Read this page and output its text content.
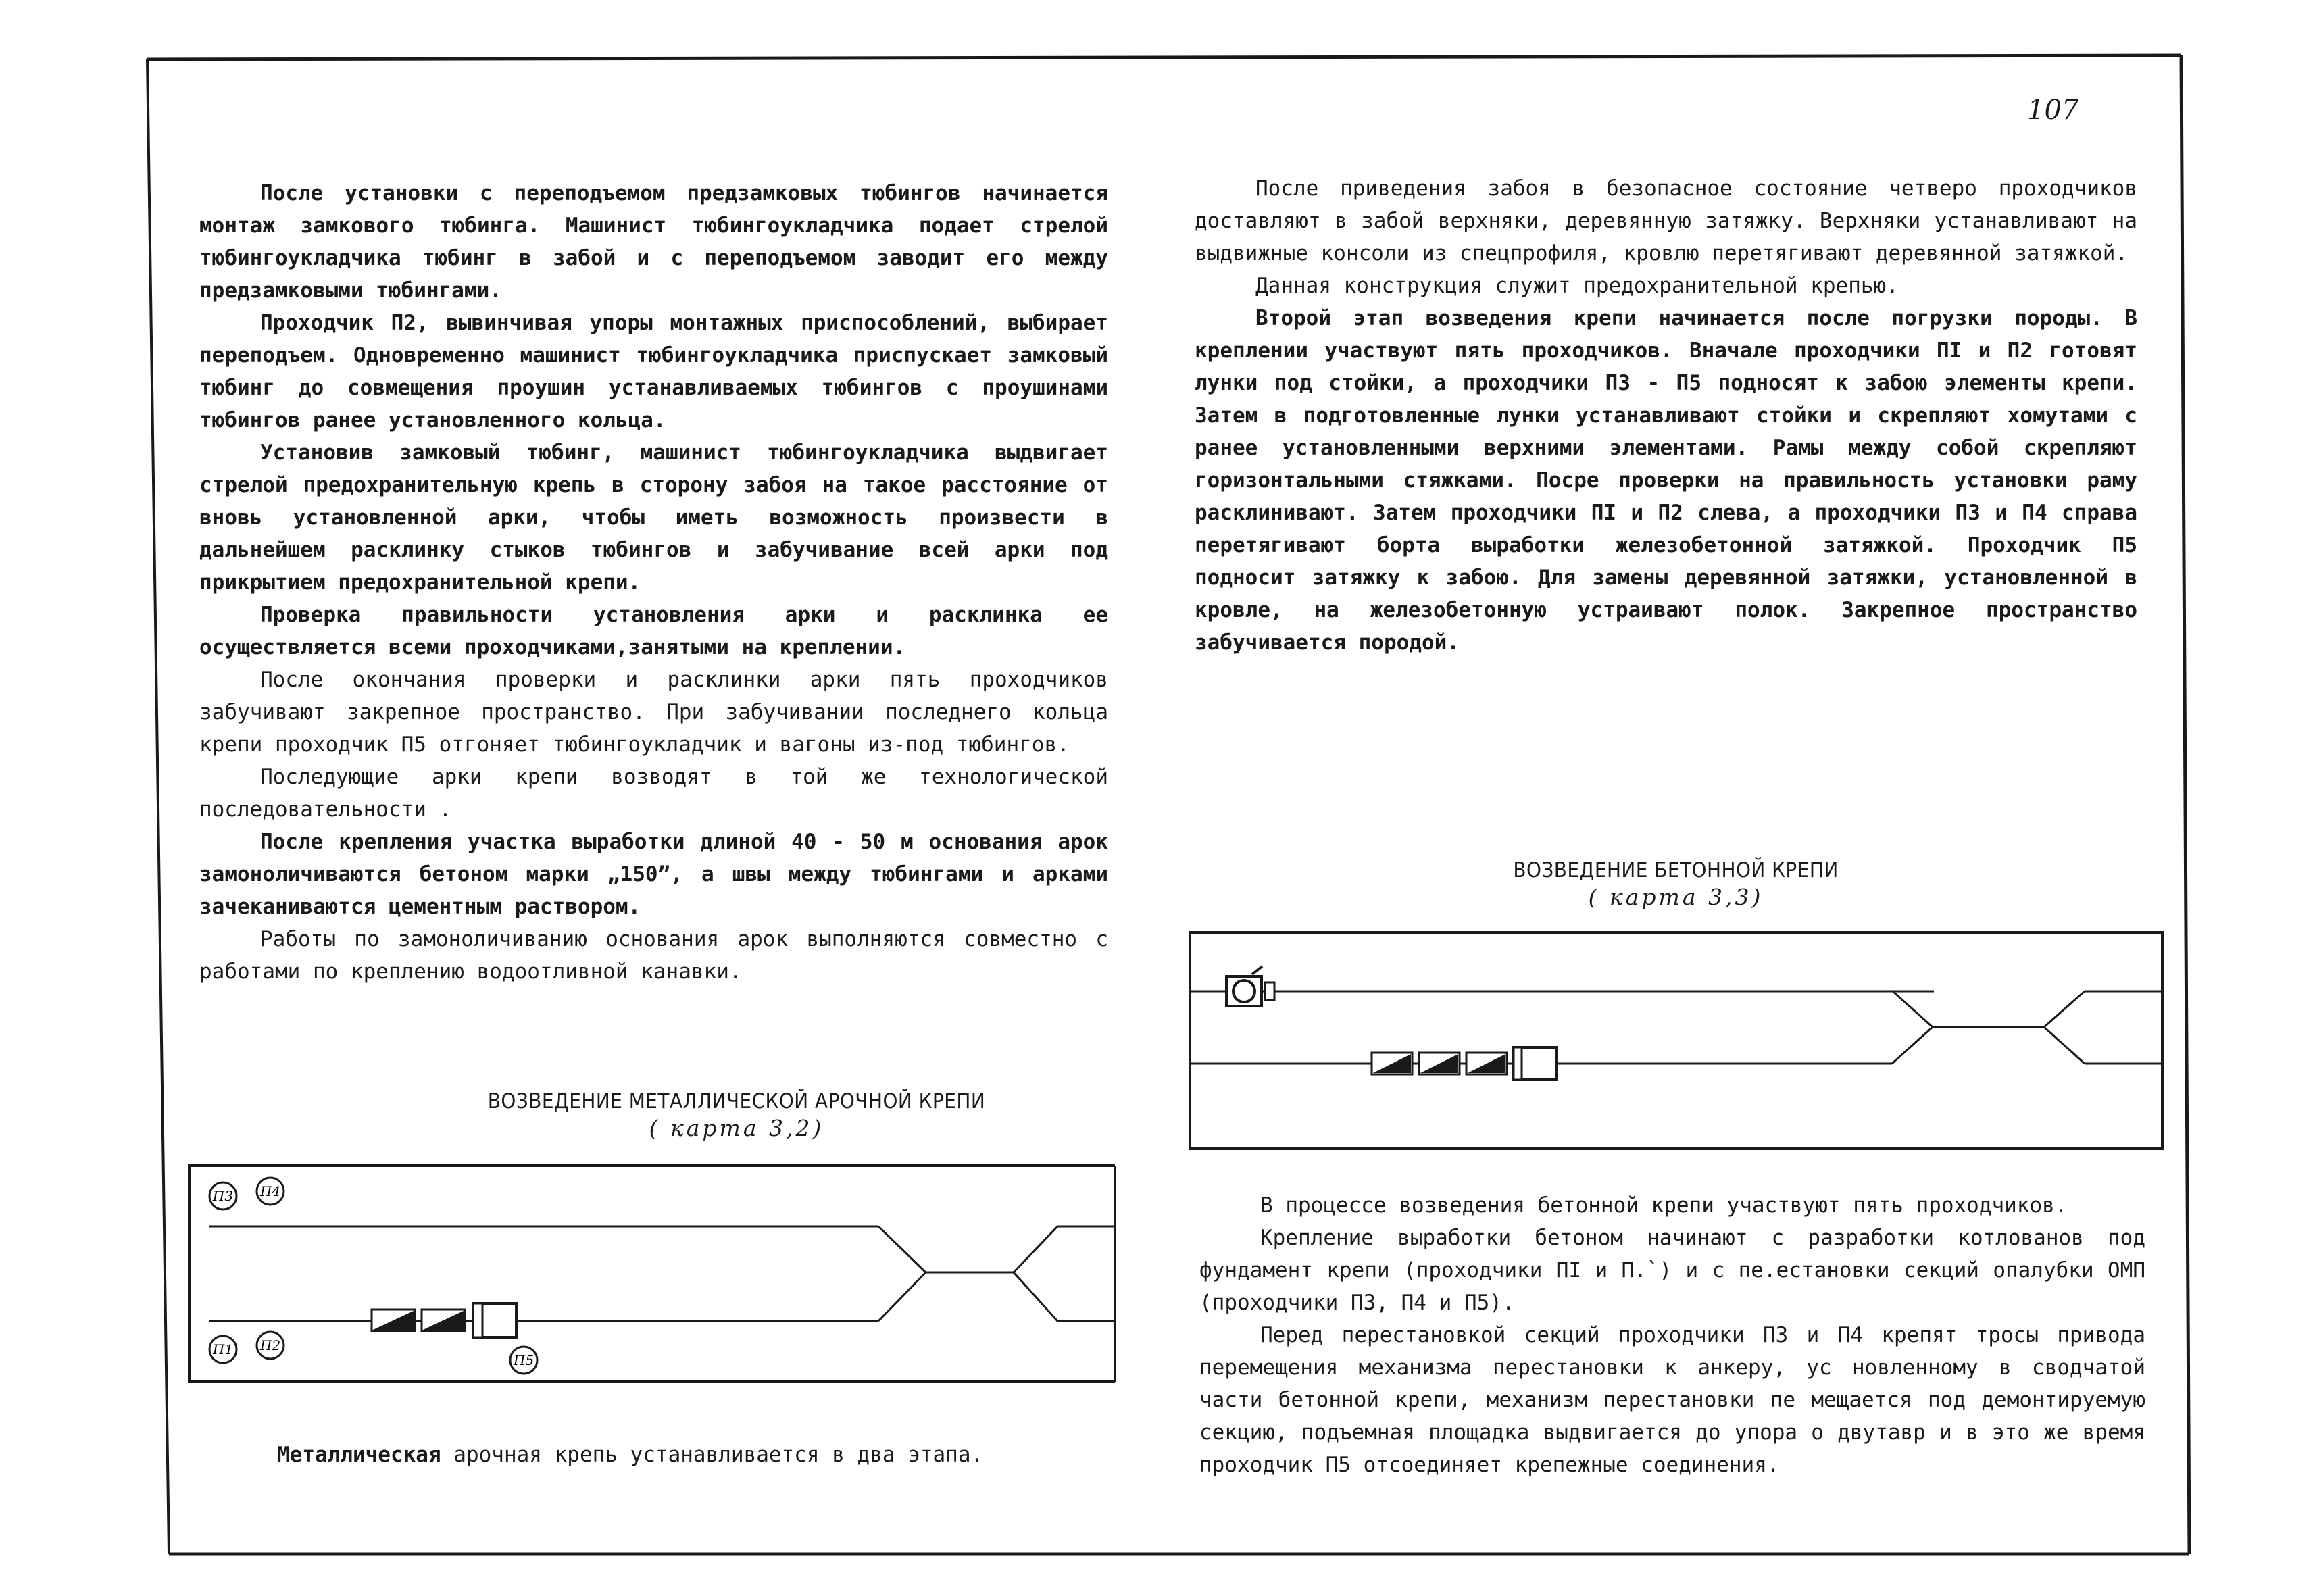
107

После установки с переподъемом предзамковых тюбингов начинается монтаж замкового тюбинга. Машинист тюбингоукладчика подает стрелой тюбингоукладчика тюбинг в забой и с переподъемом заводит его между предзамковыми тюбингами.

Проходчик П2, вывинчивая упоры монтажных приспособлений, выбирает переподъем. Одновременно машинист тюбингоукладчика приспускает замковый тюбинг до совмещения проушин устанавливаемых тюбингов с проушинами тюбингов ранее установленного кольца.

Установив замковый тюбинг, машинист тюбингоукладчика выдвигает стрелой предохранительную крепь в сторону забоя на такое расстояние от вновь установленной арки, чтобы иметь возможность произвести в дальнейшем расклинку стыков тюбингов и забучивание всей арки под прикрытием предохранительной крепи.

Проверка правильности установления арки и расклинка ее осуществляется всеми проходчиками,занятыми на креплении.

После окончания проверки и расклинки арки пять проходчиков забучивают закрепное пространство. При забучивании последнего кольца крепи проходчик П5 отгоняет тюбингоукладчик и вагоны из-под тюбингов.

Последующие арки крепи возводят в той же технологической последовательности .

После крепления участка выработки длиной 40 - 50 м основания арок замоноличиваются бетоном марки „150”, а швы между тюбингами и арками зачеканиваются цементным раствором.

Работы по замоноличиванию основания арок выполняются совместно с работами по креплению водоотливной канавки.

После приведения забоя в безопасное состояние четверо проходчиков доставляют в забой верхняки, деревянную затяжку. Верхняки устанавливают на выдвижные консоли из спецпрофиля, кровлю перетягивают деревянной затяжкой.

Данная конструкция служит предохранительной крепью.

Второй этап возведения крепи начинается после погрузки породы. В креплении участвуют пять проходчиков. Вначале проходчики ПI и П2 готовят лунки под стойки, а проходчики П3 - П5 подносят к забою элементы крепи. Затем в подготовленные лунки устанавливают стойки и скрепляют хомутами с ранее установленными верхними элементами. Рамы между собой скрепляют горизонтальными стяжками. Посре проверки на правильность установки раму расклинивают. Затем проходчики ПI и П2 слева, а проходчики П3 и П4 справа перетягивают борта выработки железобетонной затяжкой. Проходчик П5 подносит затяжку к забою. Для замены деревянной затяжки, установленной в кровле, на железобетонную устраивают полок. Закрепное пространство забучивается породой.

ВОЗВЕДЕНИЕ БЕТОННОЙ КРЕПИ
( карта 3,3)

В процессе возведения бетонной крепи участвуют пять проходчиков.

Крепление выработки бетоном начинают с разработки котлованов под фундамент крепи (проходчики ПI и П.`) и с пе.естановки секций опалубки ОМП (проходчики П3, П4 и П5).

Перед перестановкой секций проходчики П3 и П4 крепят тросы привода перемещения механизма перестановки к анкеру, ус новленному в сводчатой части бетонной крепи, механизм перестановки пе мещается под демонтируемую секцию, подъемная площадка выдвигается до упора о двутавр и в это же время проходчик П5 отсоединяет крепежные соединения.

ВОЗВЕДЕНИЕ МЕТАЛЛИЧЕСКОЙ АРОЧНОЙ КРЕПИ
( карта 3,2)
П3 П4
П1 П2
П5
Металлическая арочная крепь устанавливается в два этапа.
